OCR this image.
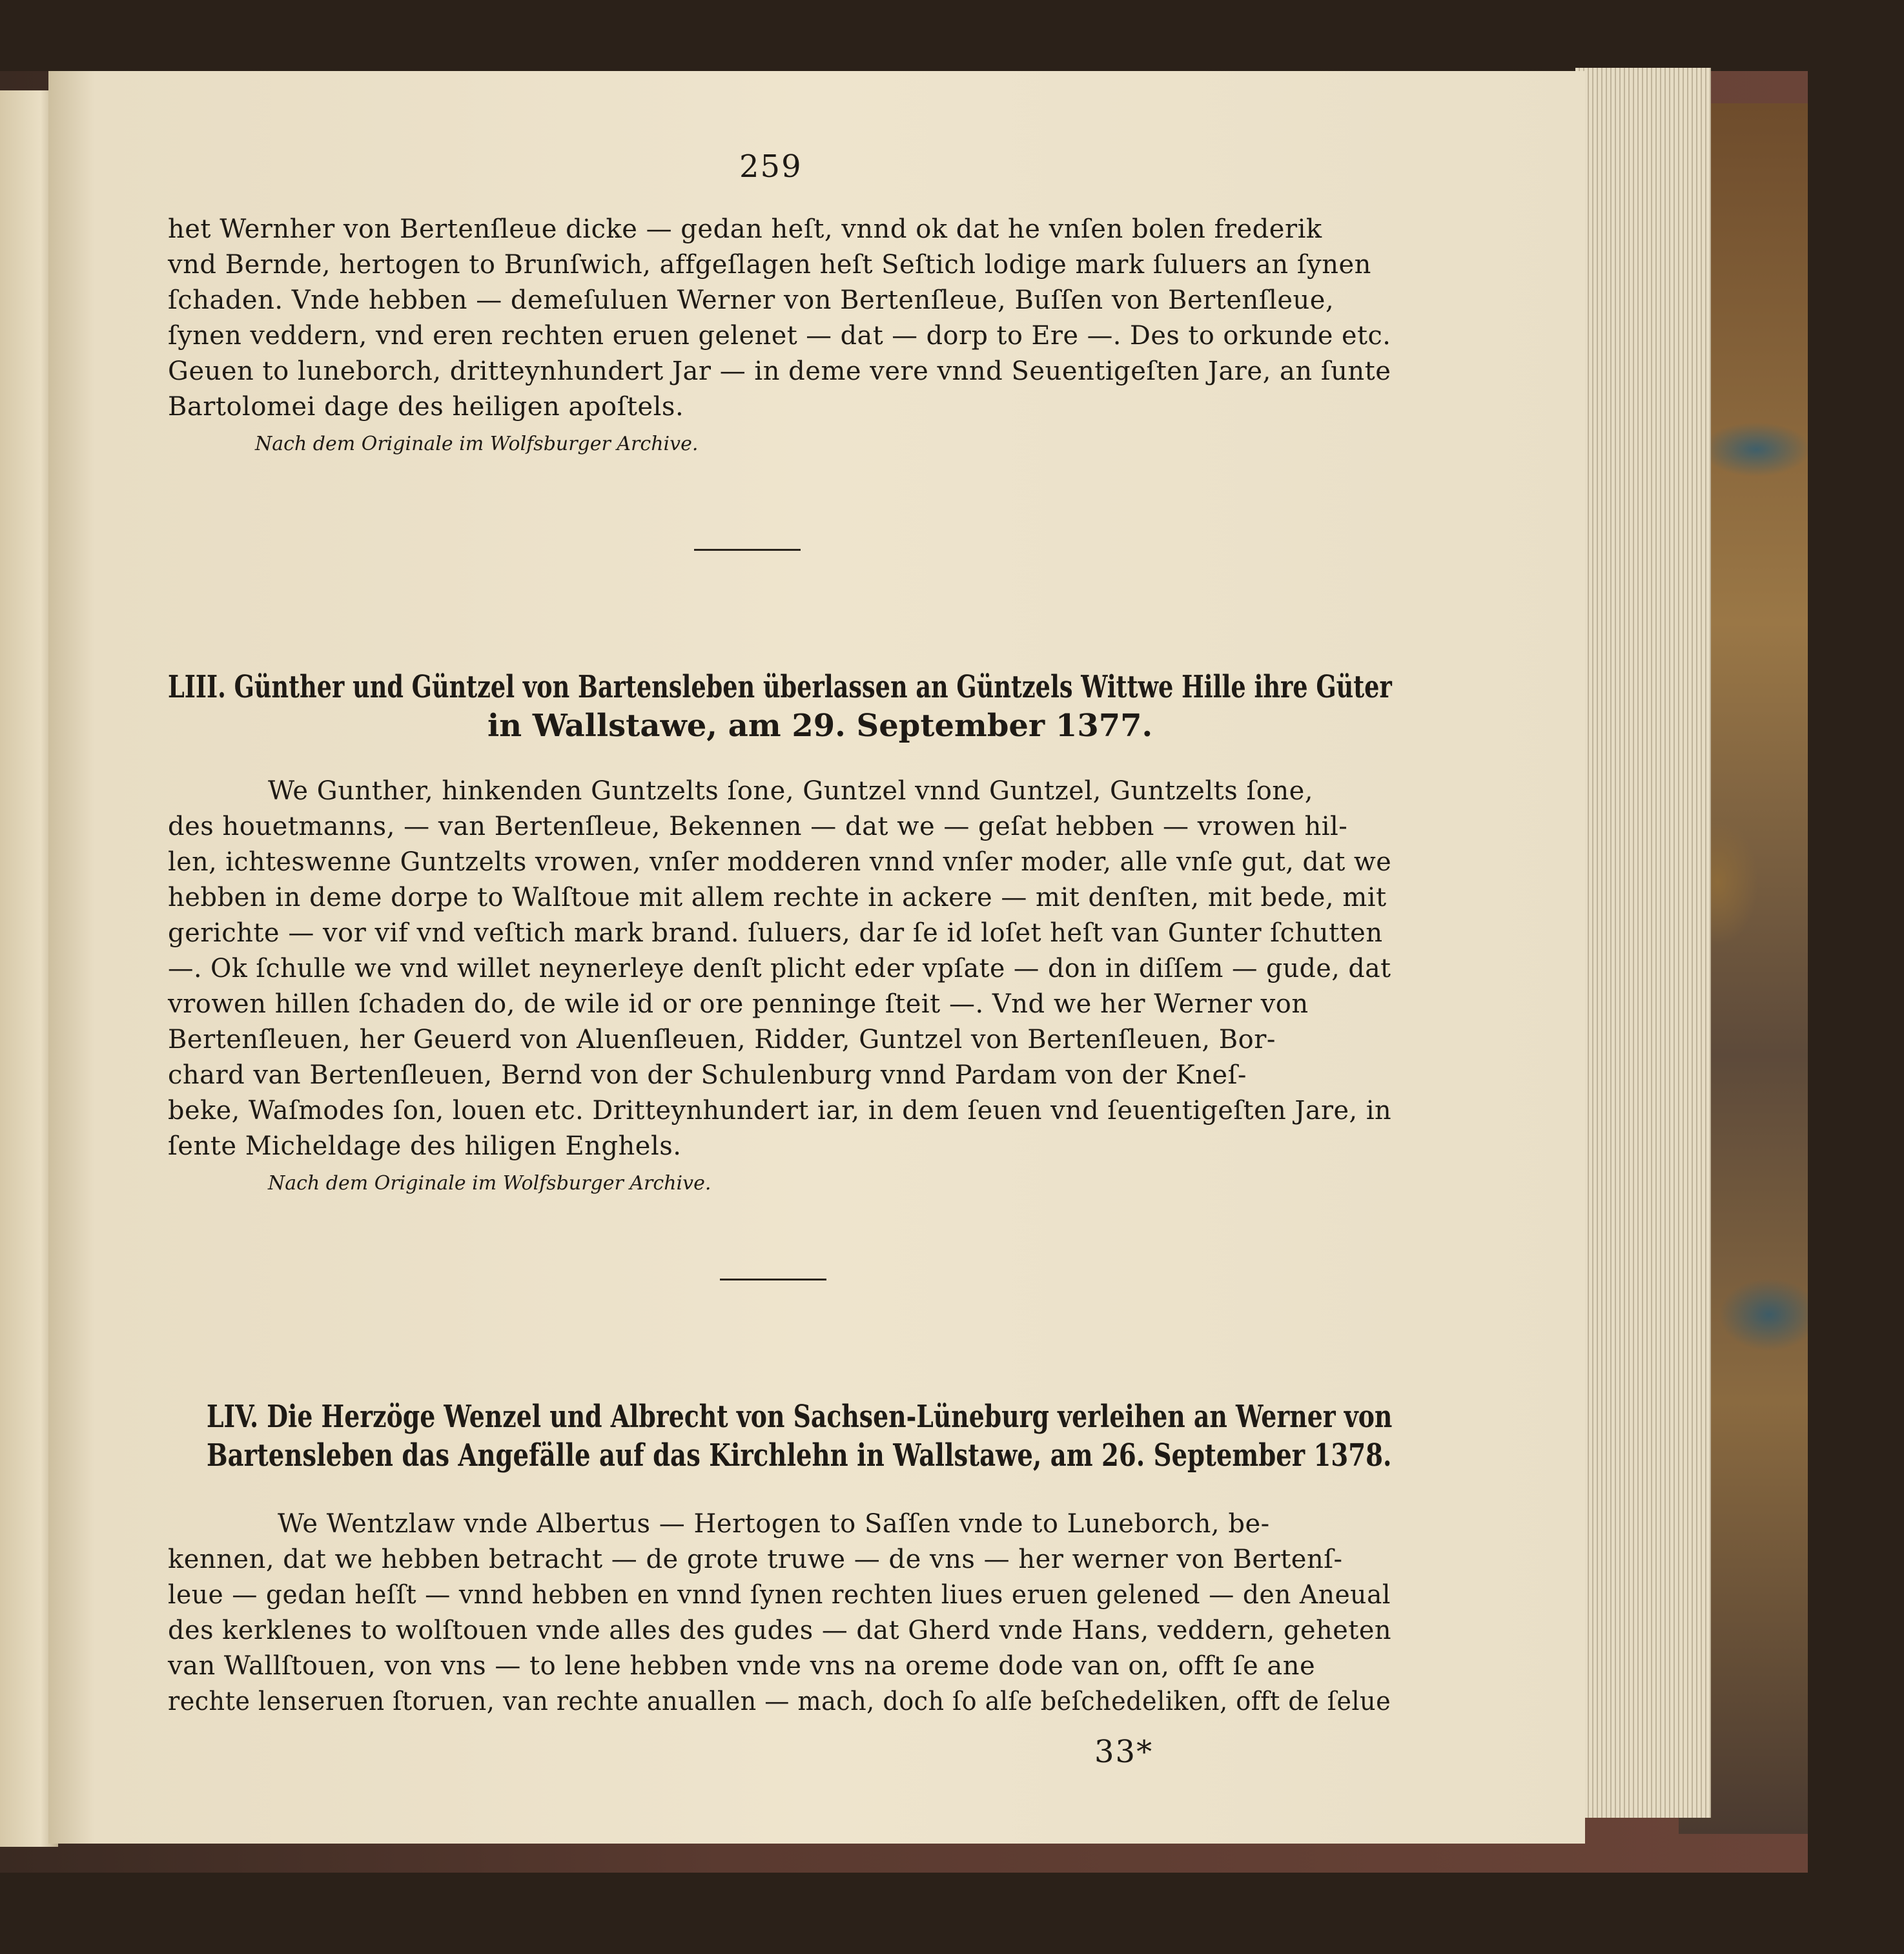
259
het Wernher von Bertenſleue dicke — gedan heſt, vnnd ok dat he vnſen bolen frederik
vnd Bernde, hertogen to Brunſwich, affgeſlagen heſt Seſtich lodige mark ſuluers an ſynen
ſchaden. Vnde hebben — demeſuluen Werner von Bertenſleue, Buſſen von Bertenſleue,
ſynen veddern, vnd eren rechten eruen gelenet — dat — dorp to Ere —. Des to orkunde etc.
Geuen to luneborch, dritteynhundert Jar — in deme vere vnnd Seuentigeſten Jare, an ſunte
Bartolomei dage des heiligen apoſtels.
Nach dem Originale im Wolfsburger Archive.
LIII. Günther und Güntzel von Bartensleben überlassen an Güntzels Wittwe Hille ihre Güter
in Wallstawe, am 29. September 1377.
We Gunther, hinkenden Guntzelts ſone, Guntzel vnnd Guntzel, Guntzelts ſone,
des houetmanns, — van Bertenſleue, Bekennen — dat we — geſat hebben — vrowen hil-
len, ichteswenne Guntzelts vrowen, vnſer modderen vnnd vnſer moder, alle vnſe gut, dat we
hebben in deme dorpe to Walſtoue mit allem rechte in ackere — mit denſten, mit bede, mit
gerichte — vor vif vnd veſtich mark brand. ſuluers, dar ſe id loſet heſt van Gunter ſchutten
—. Ok ſchulle we vnd willet neynerleye denſt plicht eder vpſate — don in diſſem — gude, dat
vrowen hillen ſchaden do, de wile id or ore penninge ſteit —. Vnd we her Werner von
Bertenſleuen, her Geuerd von Aluenſleuen, Ridder, Guntzel von Bertenſleuen, Bor-
chard van Bertenſleuen, Bernd von der Schulenburg vnnd Pardam von der Kneſ-
beke, Waſmodes ſon, louen etc. Dritteynhundert iar, in dem ſeuen vnd ſeuentigeſten Jare, in
ſente Micheldage des hiligen Enghels.
Nach dem Originale im Wolfsburger Archive.
LIV. Die Herzöge Wenzel und Albrecht von Sachsen-Lüneburg verleihen an Werner von
Bartensleben das Angefälle auf das Kirchlehn in Wallstawe, am 26. September 1378.
We Wentzlaw vnde Albertus — Hertogen to Saſſen vnde to Luneborch, be-
kennen, dat we hebben betracht — de grote truwe — de vns — her werner von Bertenſ-
leue — gedan heſſt — vnnd hebben en vnnd ſynen rechten liues eruen gelened — den Aneual
des kerklenes to wolſtouen vnde alles des gudes — dat Gherd vnde Hans, veddern, geheten
van Wallſtouen, von vns — to lene hebben vnde vns na oreme dode van on, offt ſe ane
rechte lenseruen ſtoruen, van rechte anuallen — mach, doch ſo alſe beſchedeliken, offt de ſelue
33*
